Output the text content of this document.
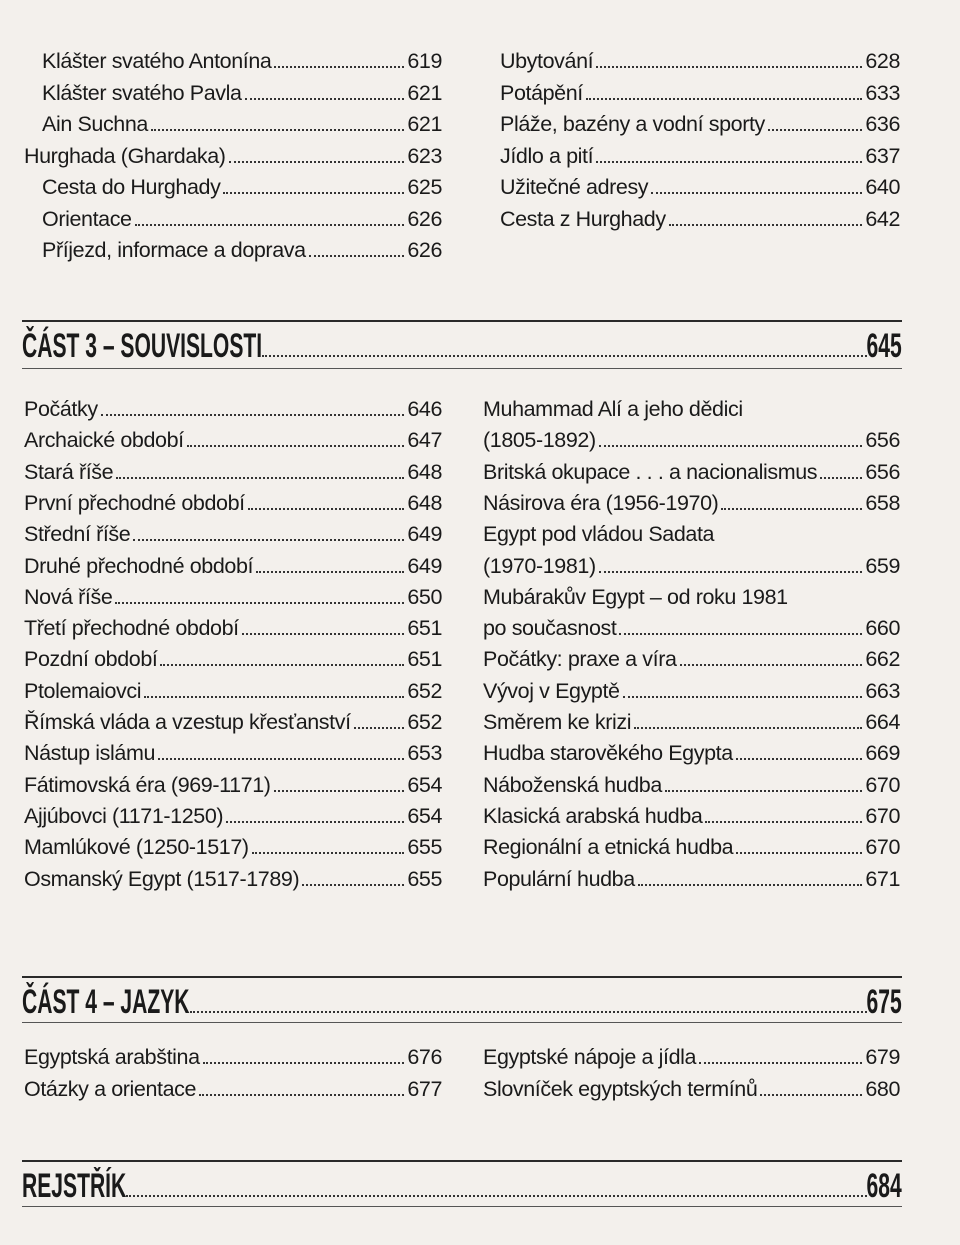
Klášter svatého Antonína	619
Klášter svatého Pavla	621
Ain Suchna	621
Hurghada (Ghardaka)	623
Cesta do Hurghady	625
Orientace	626
Příjezd, informace a doprava	626
Ubytování	628
Potápění	633
Pláže, bazény a vodní sporty	636
Jídlo a pití	637
Užitečné adresy	640
Cesta z Hurghady	642
ČÁST 3 – SOUVISLOSTI	645
Počátky	646
Archaické období	647
Stará říše	648
První přechodné období	648
Střední říše	649
Druhé přechodné období	649
Nová říše	650
Třetí přechodné období	651
Pozdní období	651
Ptolemaiovci	652
Římská vláda a vzestup křesťanství	652
Nástup islámu	653
Fátimovská éra (969-1171)	654
Ajjúbovci (1171-1250)	654
Mamlúkové (1250-1517)	655
Osmanský Egypt (1517-1789)	655
Muhammad Alí a jeho dědici
(1805-1892)	656
Britská okupace . . . a nacionalismus 656
Násirova éra (1956-1970)	658
Egypt pod vládou Sadata
(1970-1981)	659
Mubárakův Egypt – od roku 1981
po současnost	660
Počátky: praxe a víra	662
Vývoj v Egyptě	663
Směrem ke krizi	664
Hudba starověkého Egypta	669
Náboženská hudba	670
Klasická arabská hudba	670
Regionální a etnická hudba	670
Populární hudba	671
ČÁST 4 – JAZYK	675
Egyptská arabština	676
Otázky a orientace	677
Egyptské nápoje a jídla	679
Slovníček egyptských termínů	680
REJSTŘÍK	684
